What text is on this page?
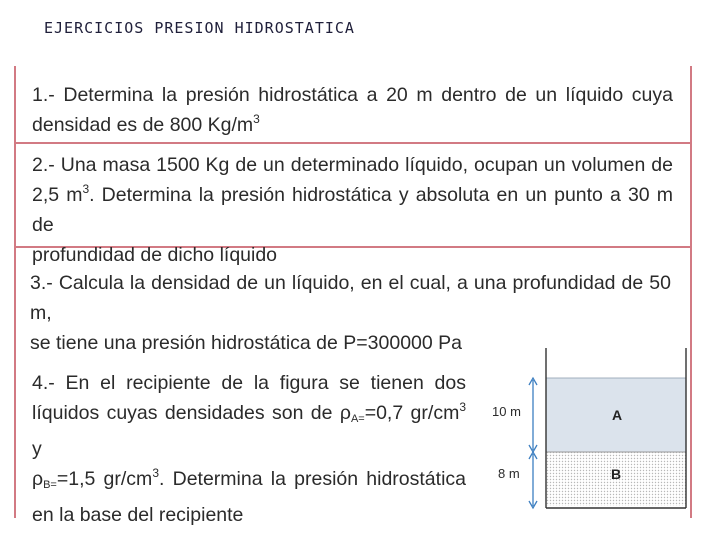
EJERCICIOS PRESION HIDROSTATICA
1.- Determina la presión hidrostática a 20 m dentro de un líquido cuya
densidad es de 800 $Kg/m^3$
2.- Una masa 1500 Kg de un determinado líquido, ocupan un volumen de
2,5 $m^3$. Determina la presión hidrostática y absoluta en un punto a 30 m de
profundidad de dicho líquido
3.- Calcula la densidad de un líquido, en el cual, a una profundidad de 50 m,
se tiene una presión hidrostática de P=300000 Pa
4.- En el recipiente de la figura se tienen dos
líquidos cuyas densidades son de $\rho_{A=}=0,7$ $gr/cm^3$ y
$\rho_{B=}=1,5$ $gr/cm^3$. Determina la presión hidrostática
en la base del recipiente
10 m
8 m
A
B
